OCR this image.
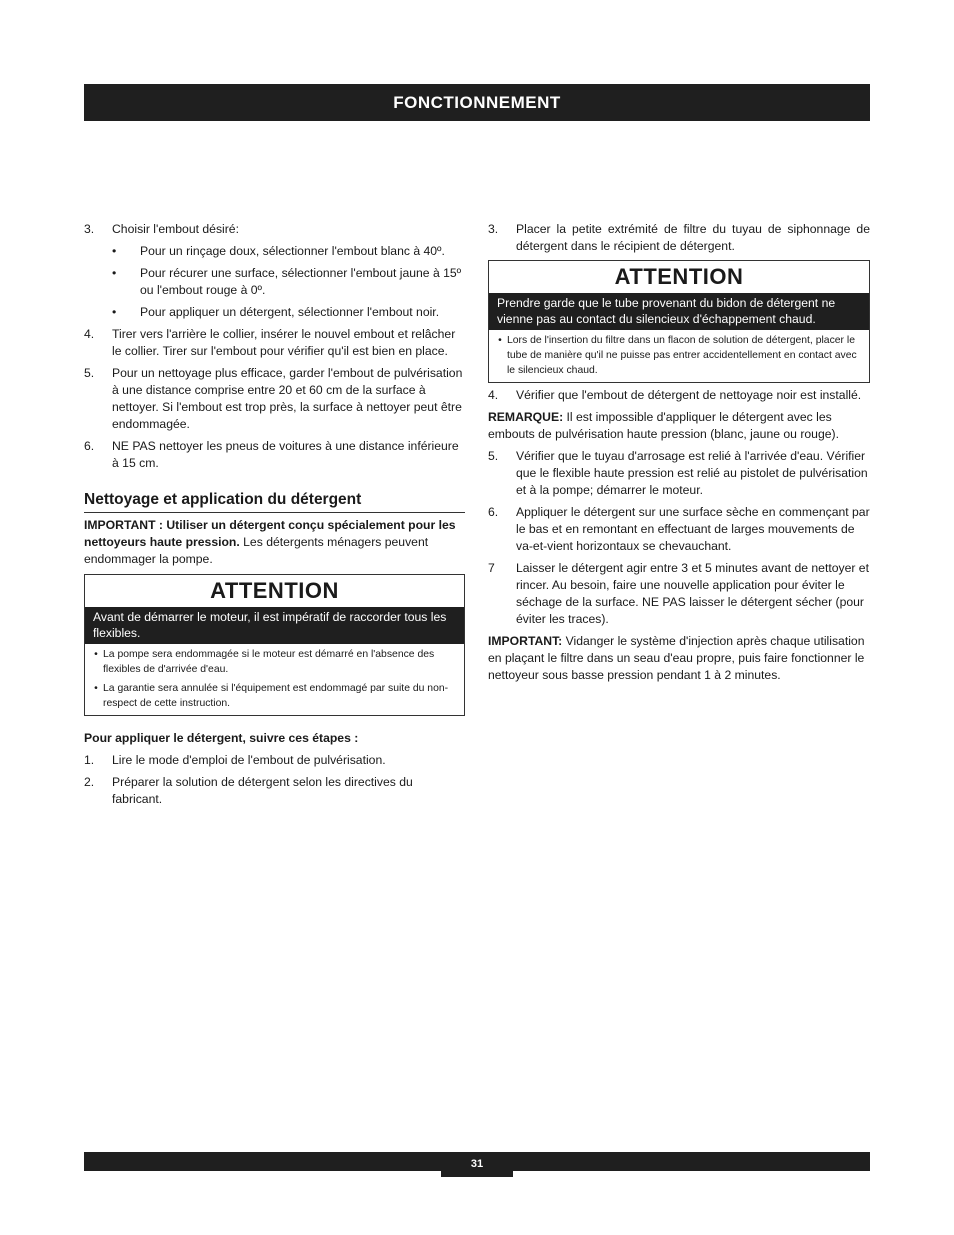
FONCTIONNEMENT
3.	Choisir l'embout désiré:
•	Pour un rinçage doux, sélectionner l'embout blanc à 40º.
•	Pour récurer une surface, sélectionner l'embout jaune à 15º ou l'embout rouge à 0º.
•	Pour appliquer un détergent, sélectionner l'embout noir.
4.	Tirer vers l'arrière le collier, insérer le nouvel embout et relâcher le collier. Tirer sur l'embout pour vérifier qu'il est bien en place.
5.	Pour un nettoyage plus efficace, garder l'embout de pulvérisation à une distance comprise entre 20 et 60 cm de la surface à nettoyer. Si l'embout est trop près, la surface à nettoyer peut être endommagée.
6.	NE PAS nettoyer les pneus de voitures à une distance inférieure à 15 cm.
Nettoyage et application du détergent

IMPORTANT : Utiliser un détergent conçu spécialement pour les nettoyeurs haute pression. Les détergents ménagers peuvent endommager la pompe.

ATTENTION
Avant de démarrer le moteur, il est impératif de raccorder tous les flexibles.
• La pompe sera endommagée si le moteur est démarré en l'absence des flexibles de d'arrivée d'eau.
• La garantie sera annulée si l'équipement est endommagé par suite du non-respect de cette instruction.

Pour appliquer le détergent, suivre ces étapes :

1.	Lire le mode d'emploi de l'embout de pulvérisation.
2.	Préparer la solution de détergent selon les directives du fabricant.
3.	Placer la petite extrémité de filtre du tuyau de siphonnage de détergent dans le récipient de détergent.
ATTENTION
Prendre garde que le tube provenant du bidon de détergent ne vienne pas au contact du silencieux d'échappement chaud.
• Lors de l'insertion du filtre dans un flacon de solution de détergent, placer le tube de manière qu'il ne puisse pas entrer accidentellement en contact avec le silencieux chaud.
4.	Vérifier que l'embout de détergent de nettoyage noir est installé.

REMARQUE: Il est impossible d'appliquer le détergent avec les embouts de pulvérisation haute pression (blanc, jaune ou rouge).

5.	Vérifier que le tuyau d'arrosage est relié à l'arrivée d'eau. Vérifier que le flexible haute pression est relié au pistolet de pulvérisation et à la pompe; démarrer le moteur.
6.	Appliquer le détergent sur une surface sèche en commençant par le bas et en remontant en effectuant de larges mouvements de va-et-vient horizontaux se chevauchant.
7	Laisser le détergent agir entre 3 et 5 minutes avant de nettoyer et rincer. Au besoin, faire une nouvelle application pour éviter le séchage de la surface. NE PAS laisser le détergent sécher (pour éviter les traces).

IMPORTANT: Vidanger le système d'injection après chaque utilisation en plaçant le filtre dans un seau d'eau propre, puis faire fonctionner le nettoyeur sous basse pression pendant 1 à 2 minutes.

31
